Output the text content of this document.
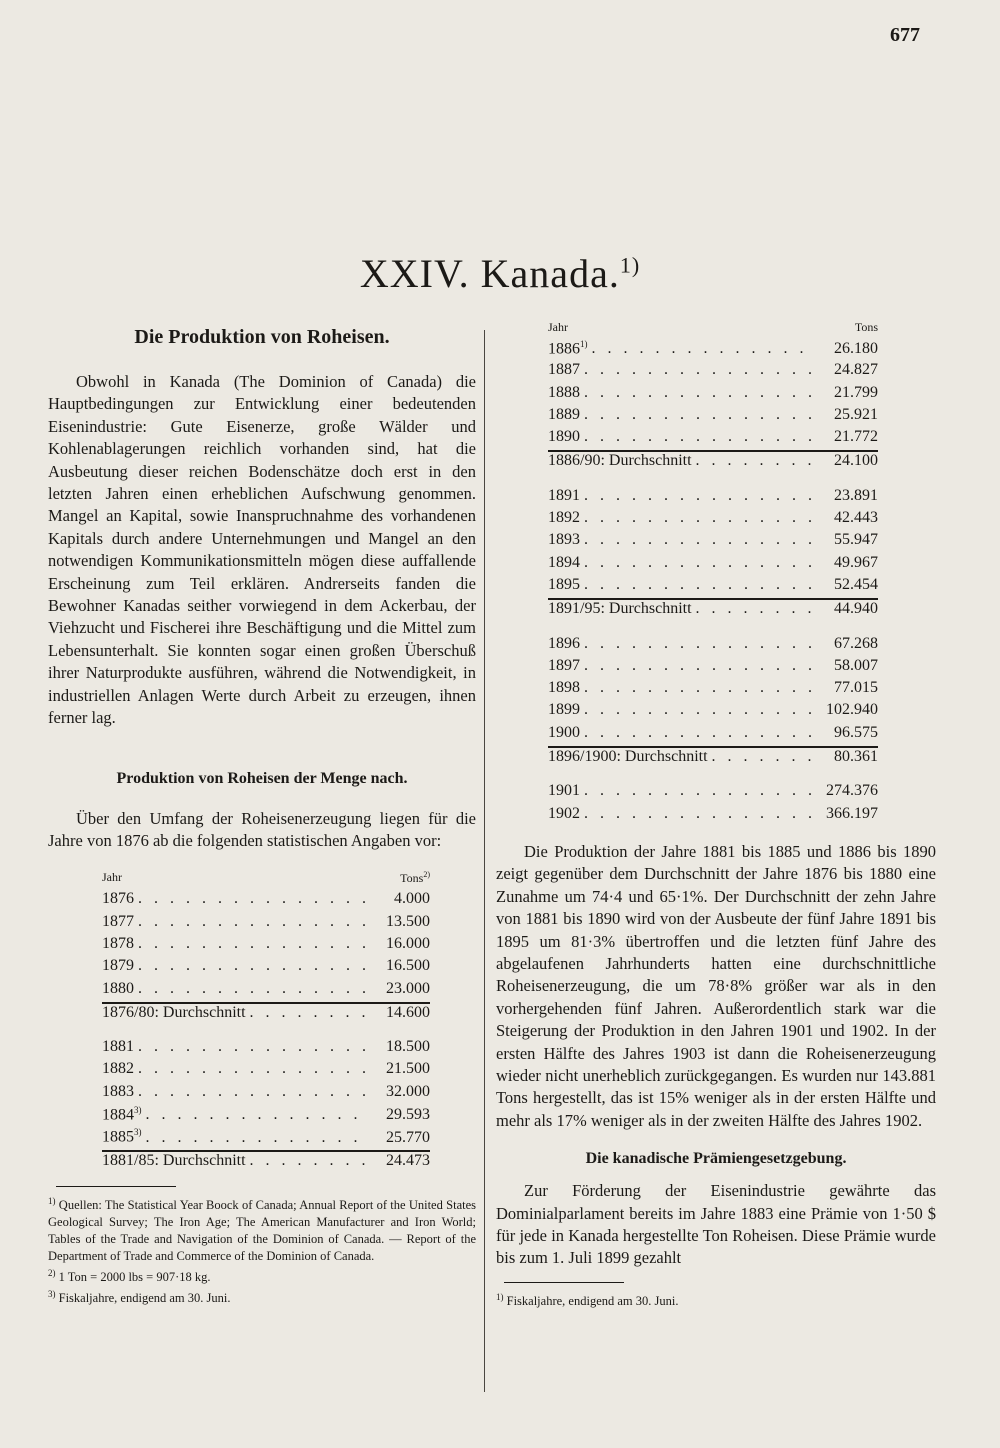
677
XXIV. Kanada.$^{1)}$
Die Produktion von Roheisen.

Obwohl in Kanada (The Dominion of Canada) die Hauptbedingungen zur Entwicklung einer bedeutenden Eisenindustrie: Gute Eisenerze, große Wälder und Kohlenablagerungen reichlich vorhanden sind, hat die Ausbeutung dieser reichen Bodenschätze doch erst in den letzten Jahren einen erheblichen Aufschwung genommen. Mangel an Kapital, sowie Inanspruchnahme des vorhandenen Kapitals durch andere Unternehmungen und Mangel an den notwendigen Kommunikationsmitteln mögen diese auffallende Erscheinung zum Teil erklären. Andrerseits fanden die Bewohner Kanadas seither vorwiegend in dem Ackerbau, der Viehzucht und Fischerei ihre Beschäftigung und die Mittel zum Lebensunterhalt. Sie konnten sogar einen großen Überschuß ihrer Naturprodukte ausführen, während die Notwendigkeit, in industriellen Anlagen Werte durch Arbeit zu erzeugen, ihnen ferner lag.

Produktion von Roheisen der Menge nach.

Über den Umfang der Roheisenerzeugung liegen für die Jahre von 1876 ab die folgenden statistischen Angaben vor:

Jahr	Tons$^{2)}$
1876 . . .	4.000
1877 . . .	13.500
1878 . . .	16.000
1879 . . .	16.500
1880 . . .	23.000
1876/80: Durchschnitt . . .	14.600
1881 . . .	18.500
1882 . . .	21.500
1883 . . .	32.000
1884$^{3)}$ . . .	29.593
1885$^{3)}$ . . .	25.770
1881/85: Durchschnitt . . .	24.473

$^{1)}$ Quellen: The Statistical Year Boock of Canada; Annual Report of the United States Geological Survey; The Iron Age; The American Manufacturer and Iron World; Tables of the Trade and Navigation of the Dominion of Canada. — Report of the Department of Trade and Commerce of the Dominion of Canada.

$^{2)}$ 1 Ton = 2000 lbs = 907·18 kg.

$^{3)}$ Fiskaljahre, endigend am 30. Juni.

Jahr	Tons
1886$^{1)}$ . . .	26.180
1887 . . .	24.827
1888 . . .	21.799
1889 . . .	25.921
1890 . . .	21.772
1886/90: Durchschnitt . . .	24.100
1891 . . .	23.891
1892 . . .	42.443
1893 . . .	55.947
1894 . . .	49.967
1895 . . .	52.454
1891/95: Durchschnitt . . .	44.940
1896 . . .	67.268
1897 . . .	58.007
1898 . . .	77.015
1899 . . .	102.940
1900 . . .	96.575
1896/1900: Durchschnitt . . .	80.361
1901 . . .	274.376
1902 . . .	366.197

Die Produktion der Jahre 1881 bis 1885 und 1886 bis 1890 zeigt gegenüber dem Durchschnitt der Jahre 1876 bis 1880 eine Zunahme um 74·4 und 65·1%. Der Durchschnitt der zehn Jahre von 1881 bis 1890 wird von der Ausbeute der fünf Jahre 1891 bis 1895 um 81·3% übertroffen und die letzten fünf Jahre des abgelaufenen Jahrhunderts hatten eine durchschnittliche Roheisenerzeugung, die um 78·8% größer war als in den vorhergehenden fünf Jahren. Außerordentlich stark war die Steigerung der Produktion in den Jahren 1901 und 1902. In der ersten Hälfte des Jahres 1903 ist dann die Roheisenerzeugung wieder nicht unerheblich zurückgegangen. Es wurden nur 143.881 Tons hergestellt, das ist 15% weniger als in der ersten Hälfte und mehr als 17% weniger als in der zweiten Hälfte des Jahres 1902.

Die kanadische Prämiengesetzgebung.

Zur Förderung der Eisenindustrie gewährte das Dominialparlament bereits im Jahre 1883 eine Prämie von 1·50 $ für jede in Kanada hergestellte Ton Roheisen. Diese Prämie wurde bis zum 1. Juli 1899 gezahlt

$^{1)}$ Fiskaljahre, endigend am 30. Juni.
